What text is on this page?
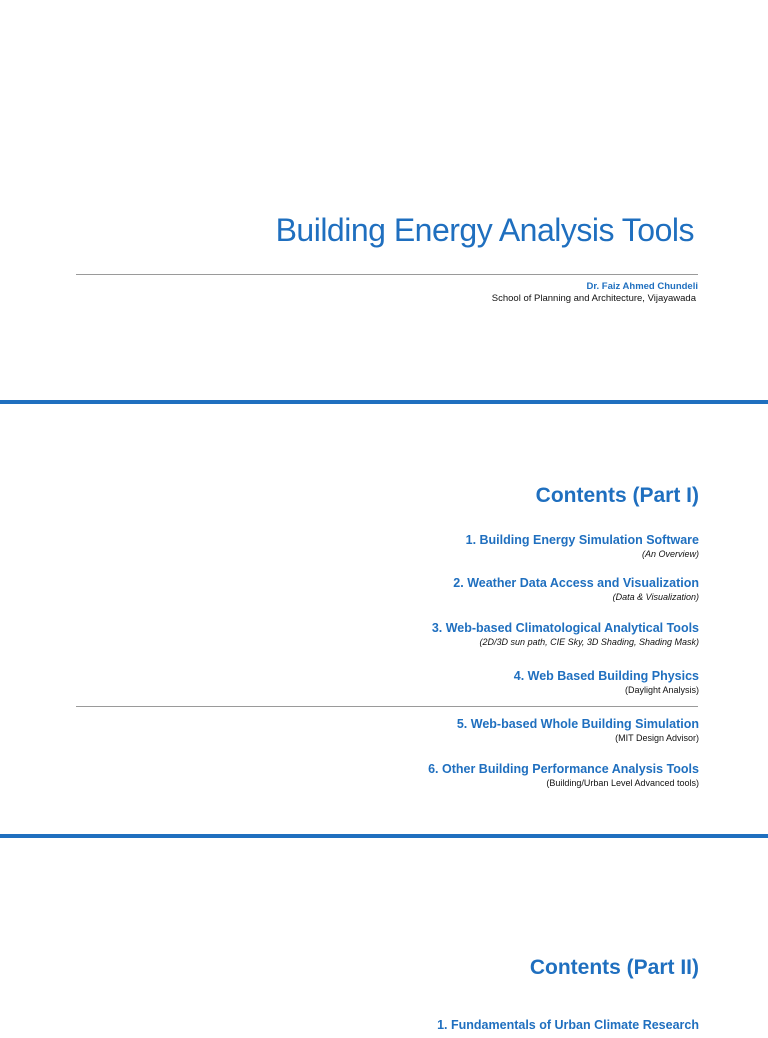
Building Energy Analysis Tools
Dr. Faiz Ahmed Chundeli
School of Planning and Architecture, Vijayawada
Contents (Part I)
1. Building Energy Simulation Software
(An Overview)
2. Weather Data Access and Visualization
(Data & Visualization)
3. Web-based Climatological Analytical Tools
(2D/3D sun path, CIE Sky, 3D Shading, Shading Mask)
4. Web Based Building Physics
(Daylight Analysis)
5. Web-based Whole Building Simulation
(MIT Design Advisor)
6. Other Building Performance Analysis Tools
(Building/Urban Level Advanced tools)
Contents (Part II)
1. Fundamentals of Urban Climate Research
